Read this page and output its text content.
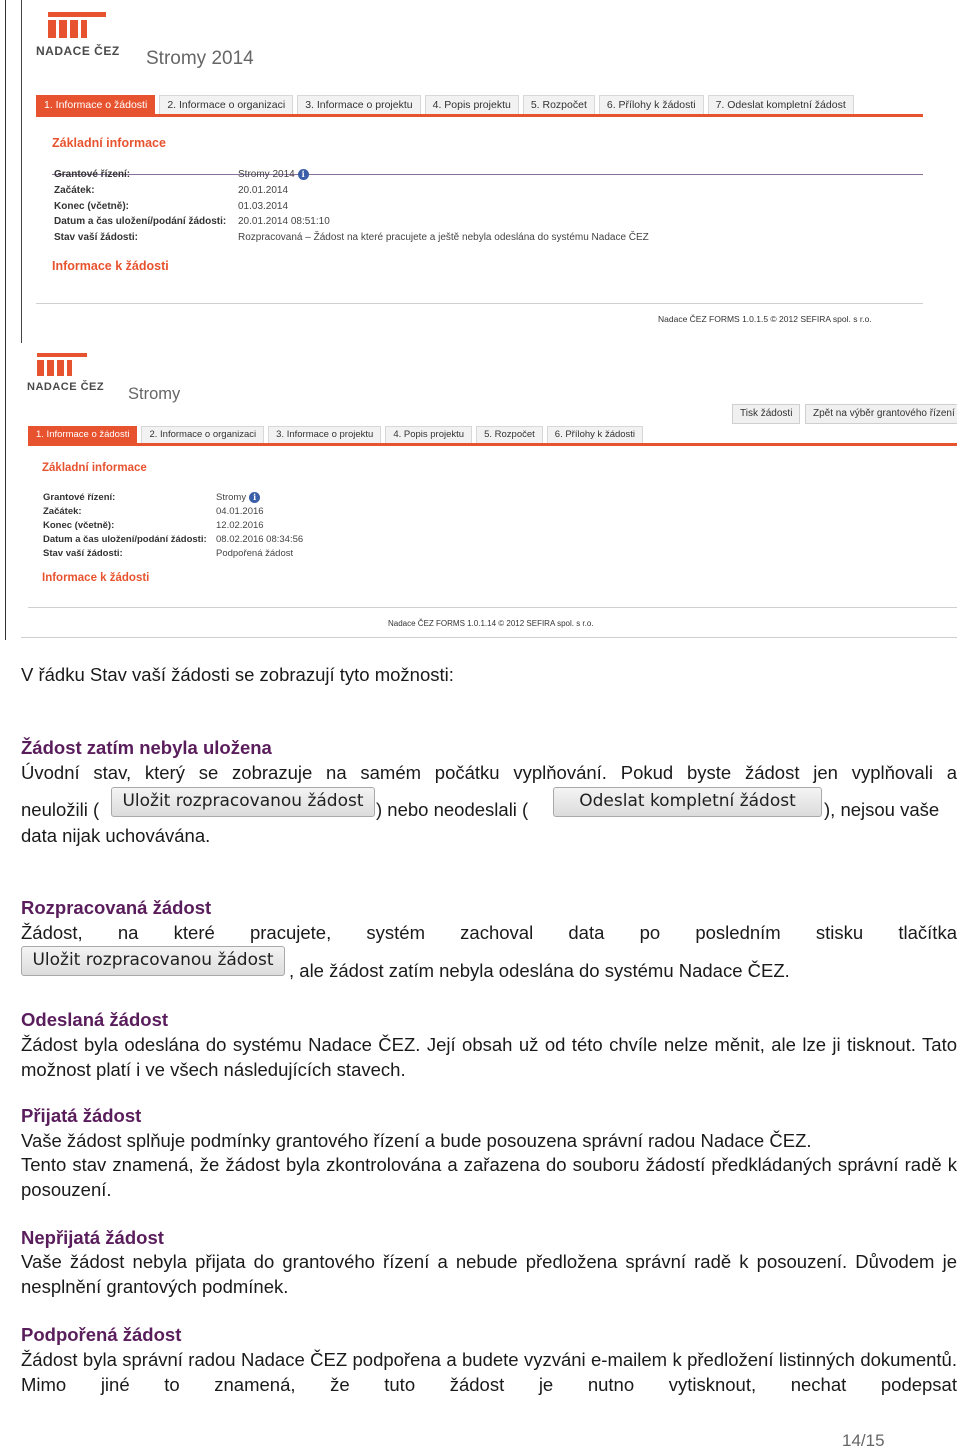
NADACE ČEZ Stromy 2014
1. Informace o žádosti	2. Informace o organizaci	3. Informace o projektu	4. Popis projektu	5. Rozpočet	6. Přílohy k žádosti	7. Odeslat kompletní žádost
Základní informace
Grantové řízení:	Stromy 2014 i
Začátek:	20.01.2014
Konec (včetně):	01.03.2014
Datum a čas uložení/podání žádosti: 20.01.2014 08:51:10
Stav vaší žádosti:	Rozpracovaná – Žádost na které pracujete a ještě nebyla odeslána do systému Nadace ČEZ
Informace k žádosti
Nadace ČEZ FORMS 1.0.1.5 © 2012 SEFIRA spol. s r.o.
NADACE ČEZ Stromy
Tisk žádosti	Zpět na výběr grantového řízení
1. Informace o žádosti	2. Informace o organizaci	3. Informace o projektu	4. Popis projektu	5. Rozpočet	6. Přílohy k žádosti
Základní informace
Grantové řízení:	Stromy i
Začátek:	04.01.2016
Konec (včetně):	12.02.2016
Datum a čas uložení/podání žádosti: 08.02.2016 08:34:56
Stav vaší žádosti:	Podpořená žádost
Informace k žádosti
Nadace ČEZ FORMS 1.0.1.14 © 2012 SEFIRA spol. s r.o.
V řádku Stav vaší žádosti se zobrazují tyto možnosti:
Žádost zatím nebyla uložena
Úvodní stav, který se zobrazuje na samém počátku vyplňování. Pokud byste žádost jen vyplňovali a
neuložili (	Uložit rozpracovanou žádost ) nebo neodeslali (	Odeslat kompletní žádost	), nejsou vaše
data nijak uchovávána.
Rozpracovaná žádost
Žádost, na které pracujete, systém zachoval data po posledním stisku tlačítka
Uložit rozpracovanou žádost , ale žádost zatím nebyla odeslána do systému Nadace ČEZ.
Odeslaná žádost
Žádost byla odeslána do systému Nadace ČEZ. Její obsah už od této chvíle nelze měnit, ale lze ji tisknout. Tato možnost platí i ve všech následujících stavech.
Přijatá žádost
Vaše žádost splňuje podmínky grantového řízení a bude posouzena správní radou Nadace ČEZ.
Tento stav znamená, že žádost byla zkontrolována a zařazena do souboru žádostí předkládaných správní radě k posouzení.
Nepřijatá žádost
Vaše žádost nebyla přijata do grantového řízení a nebude předložena správní radě k posouzení. Důvodem je nesplnění grantových podmínek.
Podpořená žádost
Žádost byla správní radou Nadace ČEZ podpořena a budete vyzváni e-mailem k předložení listinných dokumentů. Mimo jiné to znamená, že tuto žádost je nutno vytisknout, nechat podepsat
14/15
